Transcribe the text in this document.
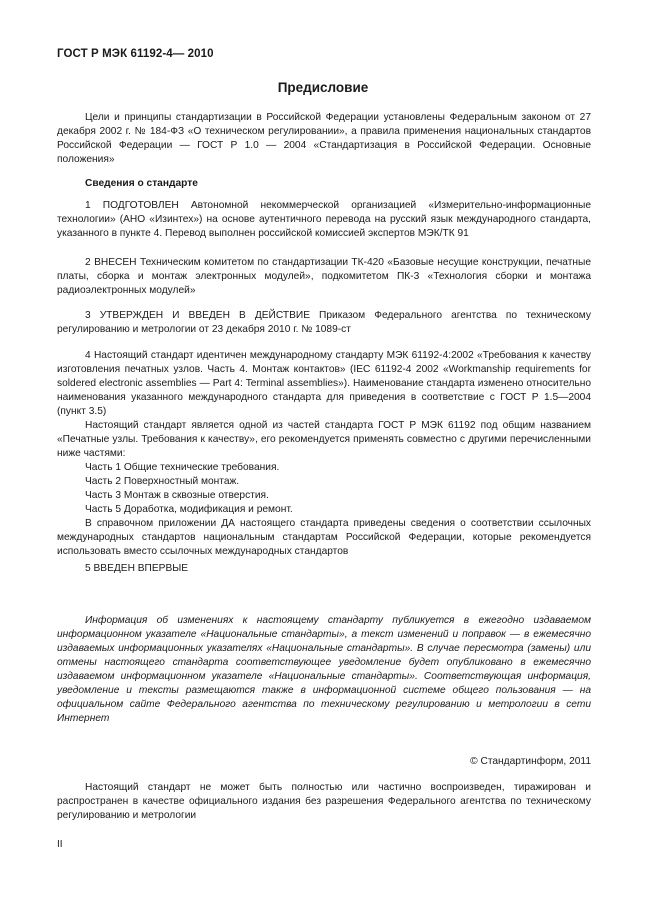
ГОСТ Р МЭК 61192-4— 2010
Предисловие

Цели и принципы стандартизации в Российской Федерации установлены Федеральным законом от 27 декабря 2002 г. № 184-ФЗ «О техническом регулировании», а правила применения национальных стандартов Российской Федерации — ГОСТ Р 1.0 — 2004 «Стандартизация в Российской Федерации. Основные положения»

Сведения о стандарте

1 ПОДГОТОВЛЕН Автономной некоммерческой организацией «Измерительно-информационные технологии» (АНО «Изинтех») на основе аутентичного перевода на русский язык международного стандарта, указанного в пункте 4. Перевод выполнен российской комиссией экспертов МЭК/ТК 91

2 ВНЕСЕН Техническим комитетом по стандартизации ТК-420 «Базовые несущие конструкции, печатные платы, сборка и монтаж электронных модулей», подкомитетом ПК-3 «Технология сборки и монтажа радиоэлектронных модулей»

3 УТВЕРЖДЕН И ВВЕДЕН В ДЕЙСТВИЕ Приказом Федерального агентства по техническому регулированию и метрологии от 23 декабря 2010 г. № 1089-ст

4 Настоящий стандарт идентичен международному стандарту МЭК 61192-4:2002 «Требования к качеству изготовления печатных узлов. Часть 4. Монтаж контактов» (IEC 61192-4 2002 «Workmanship requirements for soldered electronic assemblies — Part 4: Terminal assemblies»). Наименование стандарта изменено относительно наименования указанного международного стандарта для приведения в соответствие с ГОСТ Р 1.5—2004 (пункт 3.5)

Настоящий стандарт является одной из частей стандарта ГОСТ Р МЭК 61192 под общим названием «Печатные узлы. Требования к качеству», его рекомендуется применять совместно с другими перечисленными ниже частями:

Часть 1 Общие технические требования.
Часть 2 Поверхностный монтаж.
Часть 3 Монтаж в сквозные отверстия.
Часть 5 Доработка, модификация и ремонт.

В справочном приложении ДА настоящего стандарта приведены сведения о соответствии ссылочных международных стандартов национальным стандартам Российской Федерации, которые рекомендуется использовать вместо ссылочных международных стандартов

5 ВВЕДЕН ВПЕРВЫЕ

Информация об изменениях к настоящему стандарту публикуется в ежегодно издаваемом информационном указателе «Национальные стандарты», а текст изменений и поправок — в ежемесячно издаваемых информационных указателях «Национальные стандарты». В случае пересмотра (замены) или отмены настоящего стандарта соответствующее уведомление будет опубликовано в ежемесячно издаваемом информационном указателе «Национальные стандарты». Соответствующая информация, уведомление и тексты размещаются также в информационной системе общего пользования — на официальном сайте Федерального агентства по техническому регулированию и метрологии в сети Интернет

© Стандартинформ, 2011

Настоящий стандарт не может быть полностью или частично воспроизведен, тиражирован и распространен в качестве официального издания без разрешения Федерального агентства по техническому регулированию и метрологии

II
